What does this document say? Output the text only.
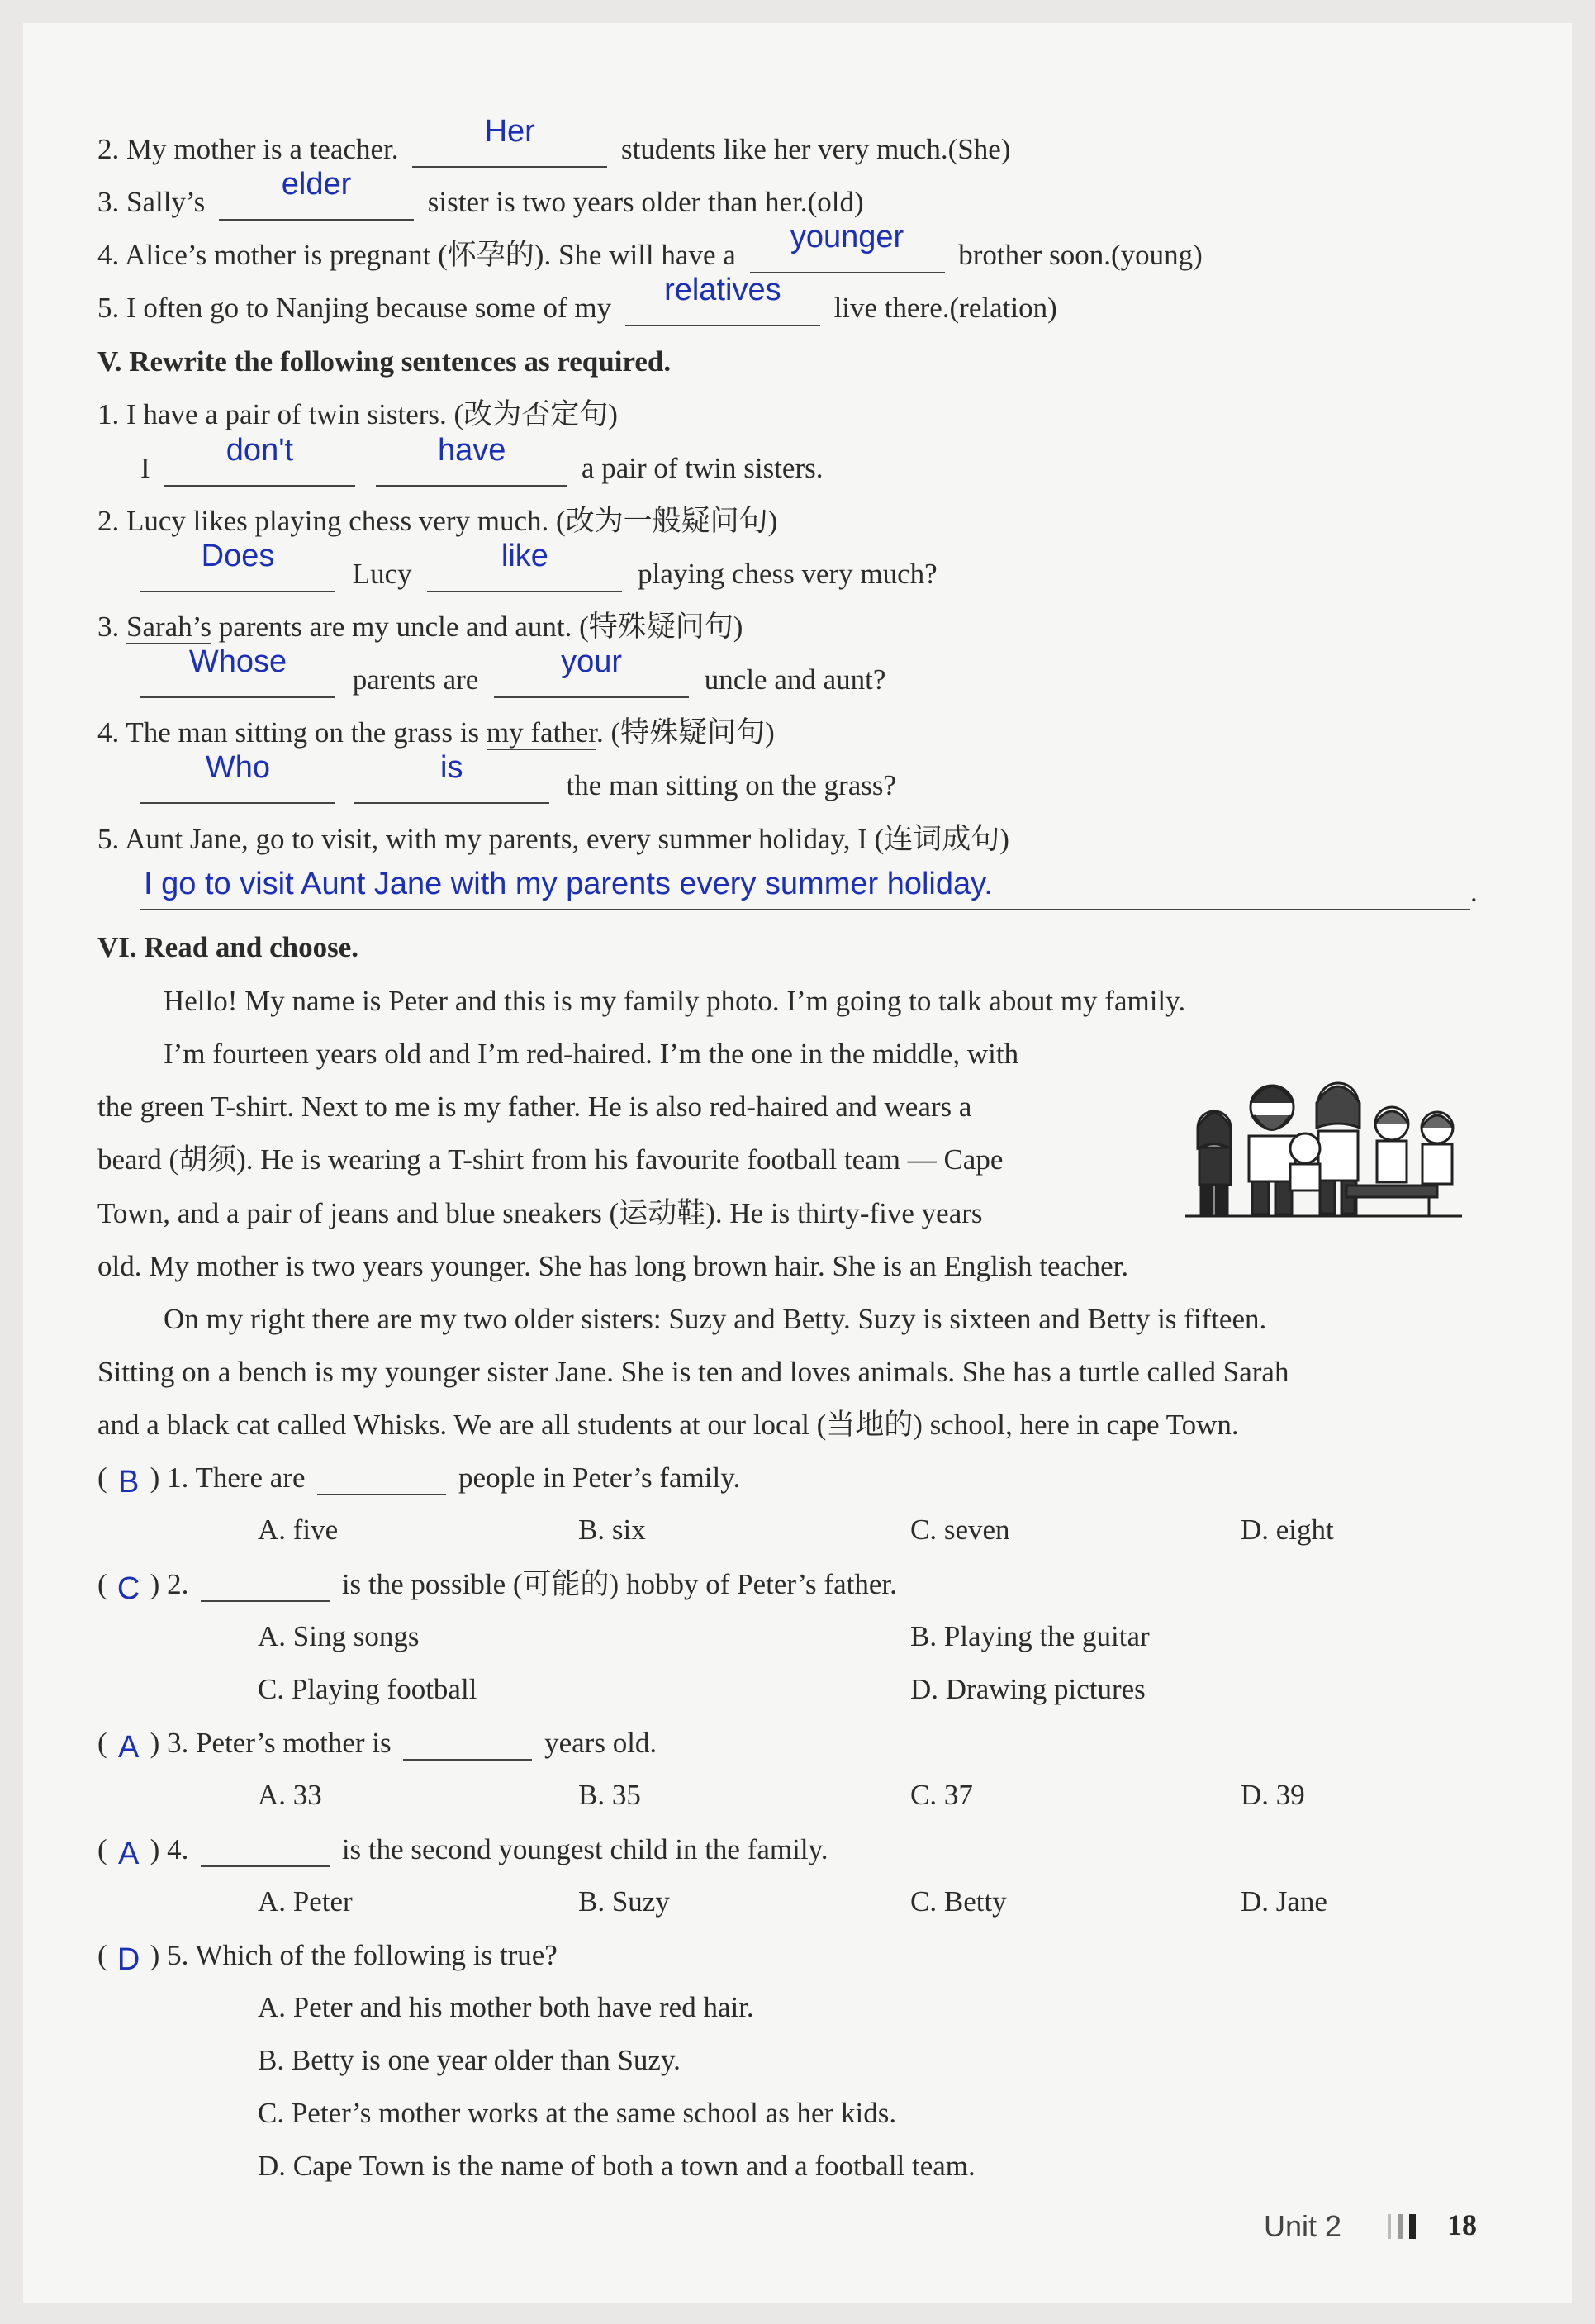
2. My mother is a teacher.
Her
students like her very much.(She)
3. Sally’s
elder
sister is two years older than her.(old)
4. Alice’s mother is pregnant (怀孕的). She will have a
younger
brother soon.(young)
5. I often go to Nanjing because some of my
relatives
live there.(relation)
V. Rewrite the following sentences as required.
1. I have a pair of twin sisters. (改为否定句)
I
don't
	have
a pair of twin sisters.
2. Lucy likes playing chess very much. (改为一般疑问句)
Does
Lucy
like
playing chess very much?
3. Sarah’s parents are my uncle and aunt. (特殊疑问句)
Whose
parents are
your
uncle and aunt?
4. The man sitting on the grass is my father. (特殊疑问句)
Who
	is
the man sitting on the grass?
5. Aunt Jane, go to visit, with my parents, every summer holiday, I (连词成句)
I go to visit Aunt Jane with my parents every summer holiday.	.
VI. Read and choose.
Hello! My name is Peter and this is my family photo. I’m going to talk about my family.
I’m fourteen years old and I’m red-haired. I’m the one in the middle, with
the green T-shirt. Next to me is my father. He is also red-haired and wears a
beard (胡须). He is wearing a T-shirt from his favourite football team — Cape
Town, and a pair of jeans and blue sneakers (运动鞋). He is thirty-five years
old. My mother is two years younger. She has long brown hair. She is an English teacher.
On my right there are my two older sisters: Suzy and Betty. Suzy is sixteen and Betty is fifteen.
Sitting on a bench is my younger sister Jane. She is ten and loves animals. She has a turtle called Sarah
and a black cat called Whisks. We are all students at our local (当地的) school, here in cape Town.
( B ) 1. There are	people in Peter’s family.
A. five	B. six	C. seven	D. eight
( C ) 2.	is the possible (可能的) hobby of Peter’s father.
A. Sing songs	B. Playing the guitar
C. Playing football	D. Drawing pictures
( A ) 3. Peter’s mother is	years old.
A. 33	B. 35	C. 37	D. 39
( A ) 4.	is the second youngest child in the family.
A. Peter	B. Suzy	C. Betty	D. Jane
( D ) 5. Which of the following is true?
A. Peter and his mother both have red hair.
B. Betty is one year older than Suzy.
C. Peter’s mother works at the same school as her kids.
D. Cape Town is the name of both a town and a football team.
Unit 2	18
